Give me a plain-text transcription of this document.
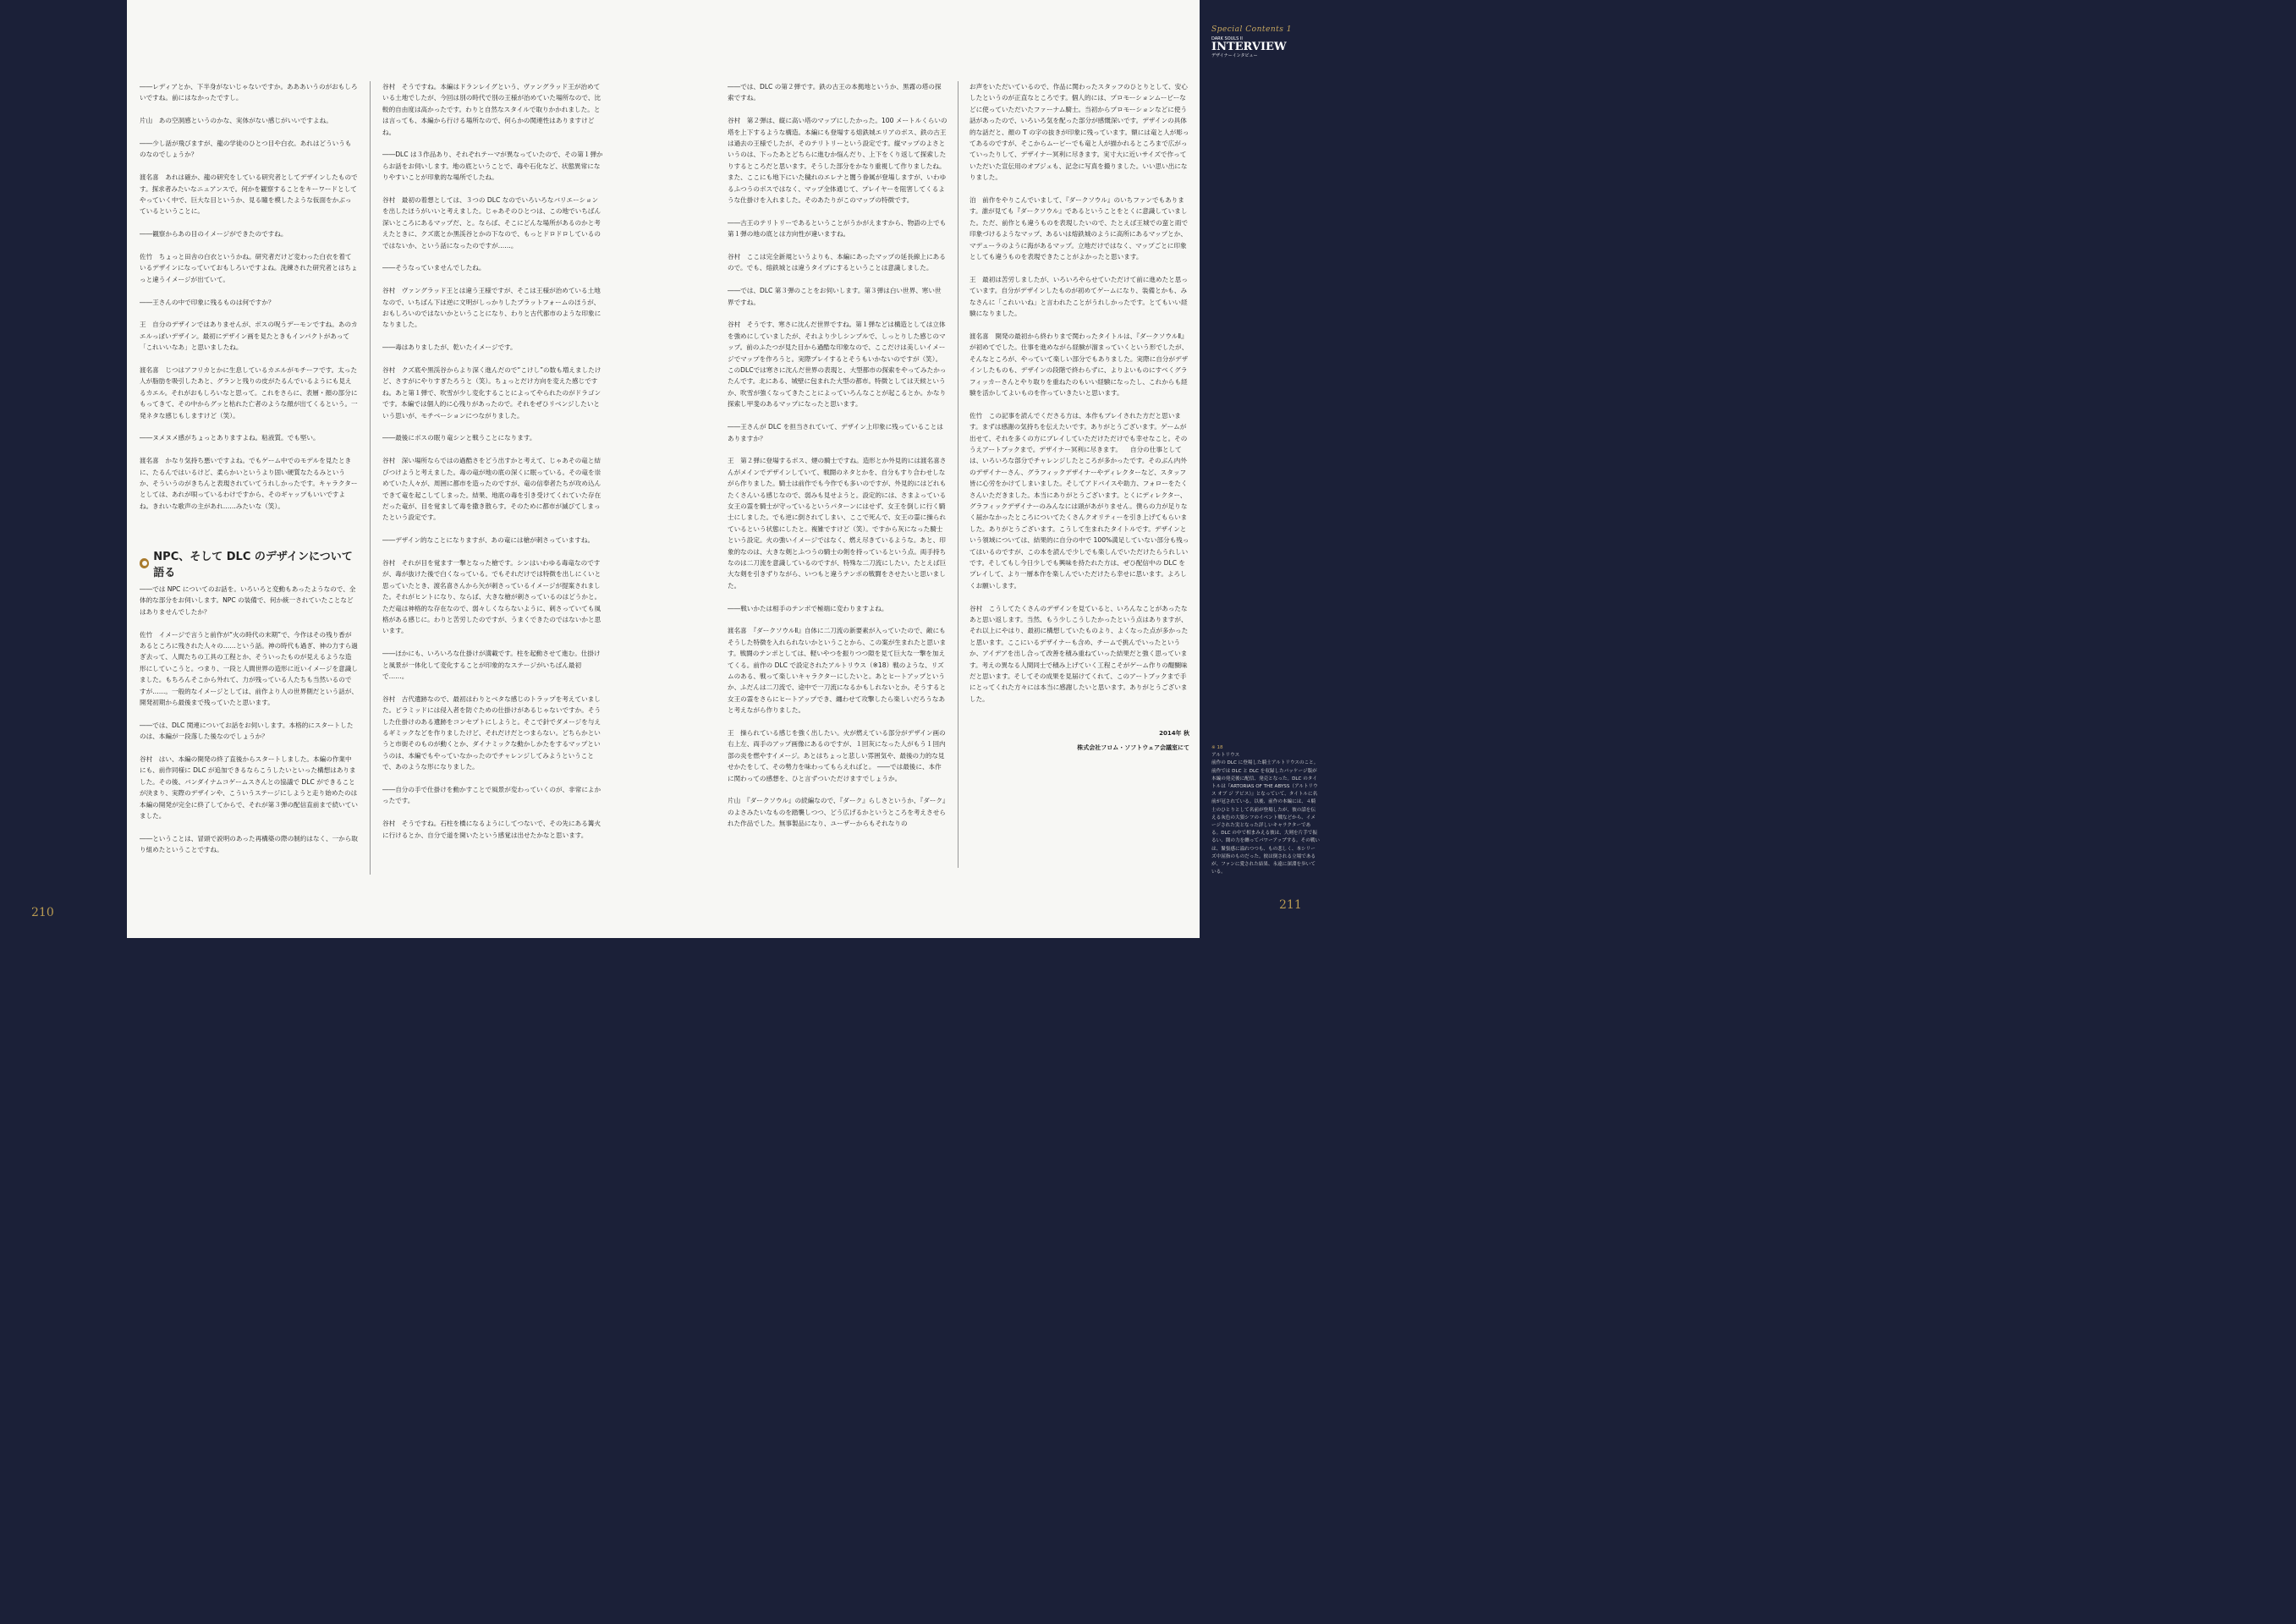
Special Contents 1
DARK SOULS II
INTERVIEW
デザイナーインタビュー

――レディアとか、下半身がないじゃないですか。あああいうのがおもしろいですね。前にはなかったですし。

片山　あの空洞感というのかな、実体がない感じがいいですよね。

――少し話が飛びますが、龍の学徒のひとつ目や白衣。あれはどういうものなのでしょうか？

渡名喜　あれは確か、龍の研究をしている研究者としてデザインしたものです。探求者みたいなニュアンスで。何かを観察することをキーワードとしてやっていく中で、巨大な目というか、見る瞳を模したような仮面をかぶっているということに。

――観察からあの目のイメージができたのですね。

佐竹　ちょっと田舎の白衣というかね。研究者だけど変わった白衣を着ているデザインになっていておもしろいですよね。洗練された研究者とはちょっと違うイメージが出ていて。

――王さんの中で印象に残るものは何ですか？

王　自分のデザインではありませんが、ボスの呪うデーモンですね。あのカエルっぽいデザイン。最初にデザイン画を見たときもインパクトがあって「これいいなあ」と思いましたね。

渡名喜　じつはアフリカとかに生息しているカエルがモチーフです。太った人が脂肪を吸引したあと、グランと残りの皮がたるんでいるようにも見えるカエル。それがおもしろいなと思って。これをさらに、表層・顔の部分にもってきて、その中からグッと枯れた亡者のような顔が出てくるという。一発ネタな感じもしますけど（笑）。

――ヌメヌメ感がちょっとありますよね。粘液質。でも堅い。

渡名喜　かなり気持ち悪いですよね。でもゲーム中でのモデルを見たときに、たるんではいるけど、柔らかいというより固い硬質なたるみというか、そういうのがきちんと表現されていてうれしかったです。キャラクターとしては、あれが唄っているわけですから、そのギャップもいいですよね。きれいな歌声の主があれ……みたいな（笑）。

NPC、そして DLC のデザインについて語る

――では NPC についてのお話を。いろいろと変動もあったようなので、全体的な部分をお伺いします。NPC の装備で、何か統一されていたことなどはありませんでしたか？

佐竹　イメージで言うと前作が“火の時代の末期”で、今作はその残り香があるところに残された人々の……という話。神の時代も過ぎ、神の力すら過ぎ去って、人間たちの工具の工程とか、そういったものが見えるような造形にしていこうと。つまり、一段と人間世界の造形に近いイメージを意識しました。もちろんそこから外れて、力が残っている人たちも当然いるのですが……。一般的なイメージとしては、前作より人の世界側だという話が、開発初期から最後まで残っていたと思います。

――では、DLC 関連についてお話をお伺いします。本格的にスタートしたのは、本編が一段落した後なのでしょうか？

谷村　はい、本編の開発の終了直後からスタートしました。本編の作業中にも、前作同様に DLC が追加できるならこうしたいといった構想はありました。その後、バンダイナムコゲームスさんとの協議で DLC ができることが決まり、実際のデザインや、こういうステージにしようと走り始めたのは本編の開発が完全に終了してからで、それが第３弾の配信直前まで続いていました。

――ということは、冒頭で説明のあった再構築の際の制約はなく、一から取り組めたということですね。

谷村　そうですね。本編はドランレイグという、ヴァングラッド王が治めている土地でしたが、今回は別の時代で別の王様が治めていた場所なので、比較的自由度は高かったです。わりと自然なスタイルで取りかかれました。とは言っても、本編から行ける場所なので、何らかの関連性はありますけどね。

――DLC は３作品あり、それぞれテーマが異なっていたので、その第１弾からお話をお伺いします。地の底ということで、毒や石化など、状態異常になりやすいことが印象的な場所でしたね。

谷村　最初の着想としては、３つの DLC なのでいろいろなバリエーションを出したほうがいいと考えました。じゃあそのひとつは、この地でいちばん深いところにあるマップだ、と。ならば、そこにどんな場所があるのかと考えたときに、クズ底とか黒渓谷とかの下なので、もっとドロドロしているのではないか、という話になったのですが……。

――そうなっていませんでしたね。

谷村　ヴァングラッド王とは違う王様ですが、そこは王様が治めている土地なので、いちばん下は逆に文明がしっかりしたプラットフォームのほうが、おもしろいのではないかということになり、わりと古代都市のような印象になりました。

――毒はありましたが、乾いたイメージです。

谷村　クズ底や黒渓谷からより深く進んだので“こけし”の数も増えましたけど、さすがにやりすぎたろうと（笑）。ちょっとだけ方向を変えた感じですね。あと第１弾で、吹雪が少し変化することによってやられたのがドラゴンです。本編では個人的に心残りがあったので。それをぜひリベンジしたいという思いが、モチベーションにつながりました。

――最後にボスの眠り竜シンと戦うことになります。

谷村　深い場所ならではの過酷さをどう出すかと考えて、じゃあその竜と結びつけようと考えました。毒の竜が地の底の深くに眠っている。その竜を崇めていた人々が、周囲に都市を造ったのですが、竜の信奉者たちが攻め込んできて竜を起こしてしまった。結果、地底の毒を引き受けてくれていた存在だった竜が、目を覚まして毒を撒き散らす。そのために都市が滅びてしまったという設定です。

――デザイン的なことになりますが、あの竜には槍が刺さっていますね。

谷村　それが目を覚ます一撃となった槍です。シンはいわゆる毒竜なのですが、毒が抜けた後で白くなっている。でもそれだけでは特徴を出しにくいと思っていたとき、渡名喜さんから矢が刺さっているイメージが提案されました。それがヒントになり、ならば、大きな槍が刺さっているのはどうかと。ただ竜は神格的な存在なので、弱々しくならないように、刺さっていても風格がある感じに。わりと苦労したのですが、うまくできたのではないかと思います。

――ほかにも、いろいろな仕掛けが満載です。柱を起動させて進む。仕掛けと風景が一体化して変化することが印象的なステージがいちばん最初で……。

谷村　古代遺跡なので、最初はわりとベタな感じのトラップを考えていました。ピラミッドには侵入者を防ぐための仕掛けがあるじゃないですか。そうした仕掛けのある遺跡をコンセプトにしようと。そこで針でダメージを与えるギミックなどを作りましたけど、それだけだとつまらない。どちらかというと市街そのものが動くとか、ダイナミックな動かしかたをするマップというのは、本編でもやっていなかったのでチャレンジしてみようということで、あのような形になりました。

――自分の手で仕掛けを動かすことで風景が変わっていくのが、非常によかったです。

谷村　そうですね。石柱を橋になるようにしてつないで、その先にある篝火に行けるとか、自分で道を開いたという感覚は出せたかなと思います。

――では、DLC の第２弾です。鉄の古王の本拠地というか、黒霧の塔の探索ですね。

谷村　第２弾は、縦に高い塔のマップにしたかった。100 メートルくらいの塔を上下するような構造。本編にも登場する熔鉄城エリアのボス、鉄の古王は過去の王様でしたが、そのテリトリーという設定です。縦マップのよさというのは、下ったあとどちらに進むか悩んだり、上下をくり返して探索したりするところだと思います。そうした部分をかなり重視して作りましたね。また、ここにも地下にいた穢れのエレナと闇う眷属が登場しますが、いわゆるふつうのボスではなく、マップ全体通じて、プレイヤーを阻害してくるような仕掛けを入れました。そのあたりがこのマップの特徴です。

――古王のテリトリーであるということがうかがえますから、物語の上でも第１弾の地の底とは方向性が違いますね。

谷村　ここは完全新規というよりも、本編にあったマップの延長線上にあるので。でも、熔鉄城とは違うタイプにするということは意識しました。

――では、DLC 第３弾のことをお伺いします。第３弾は白い世界、寒い世界ですね。

谷村　そうです、寒さに沈んだ世界ですね。第１弾などは構造としては立体を強めにしていましたが、それより少しシンプルで、しっとりした感じのマップ。前のふたつが見た目から過酷な印象なので、ここだけは美しいイメージでマップを作ろうと。実際プレイするとそうもいかないのですが（笑）。このDLCでは寒さに沈んだ世界の表現と、大型都市の探索をやってみたかったんです。北にある、城壁に包まれた大型の都市。特徴としては天候というか、吹雪が強くなってきたことによっていろんなことが起こるとか。かなり探索し甲斐のあるマップになったと思います。

――王さんが DLC を担当されていて、デザイン上印象に残っていることはありますか？

王　第２弾に登場するボス、煙の騎士ですね。造形とか外見的には渡名喜さんがメインでデザインしていて、戦闘のネタとかを、自分もすり合わせしながら作りました。騎士は前作でも今作でも多いのですが、外見的にはどれもたくさんいる感じなので、弱みも見せようと。設定的には、さまよっている女王の霊を騎士が守っているというパターンにはせず、女王を倒しに行く騎士にしました。でも逆に倒されてしまい、ここで死んで、女王の霊に操られているという状態にしたと。複雑ですけど（笑）。ですから灰になった騎士という設定。火の強いイメージではなく、燃え尽きているような。あと、印象的なのは、大きな剣とふつうの騎士の剣を持っているという点。両手持ちなのは二刀流を意識しているのですが、特殊な二刀流にしたい。たとえば巨大な剣を引きずりながら、いつもと違うテンポの戦闘をさせたいと思いました。

――戦いかたは相手のテンポで極端に変わりますよね。

渡名喜　『ダークソウルⅡ』自体に二刀流の新要素が入っていたので、敵にもそうした特徴を入れられないかということから、この案が生まれたと思います。戦闘のテンポとしては、軽いやつを振りつつ隙を見て巨大な一撃を加えてくる。前作の DLC で設定されたアルトリウス（※18）戦のような、リズムのある、戦って楽しいキャラクターにしたいと。あとヒートアップというか、ふだんは二刀流で、途中で一刀流になるかもしれないとか。そうすると女王の霊をさらにヒートアップでき、纏わせて攻撃したら楽しいだろうなあと考えながら作りました。

王　操られている感じを強く出したい。火が燃えている部分がデザイン画の右上左、両手のアップ画像にあるのですが、１回灰になった人がもう１回内部の炎を燃やすイメージ。あとはちょっと悲しい雰囲気や、最後の力的な見せかたをして、その勢力を味わってもらえればと。 ――では最後に、本作に関わっての感想を、ひと言ずついただけますでしょうか。

片山　『ダークソウル』の続編なので、『ダーク』らしさというか、『ダーク』のよさみたいなものを踏襲しつつ、どう広げるかというところを考えさせられた作品でした。無事製品になり、ユーザーからもそれなりの

お声をいただいているので、作品に関わったスタッフのひとりとして、安心したというのが正直なところです。個人的には、プロモーションムービーなどに使っていただいたファーナム騎士。当初からプロモーションなどに使う話があったので、いろいろ気を配った部分が感慨深いです。デザインの具体的な話だと、顔の T の字の抜きが印象に残っています。額には竜と人が彫ってあるのですが、そこからムービーでも竜と人が描かれるところまで広がっていったりして、デザイナー冥利に尽きます。実寸大に近いサイズで作っていただいた宣伝用のオブジェも、記念に写真を撮りました。いい思い出になりました。

泊　前作をやりこんでいまして、『ダークソウル』のいちファンでもあります。誰が見ても『ダークソウル』であるということをとくに意識していました。ただ、前作とも違うものを表現したいので、たとえば王城での蛮と雨で印象づけるようなマップ、あるいは熔鉄城のように高所にあるマップとか、マデューラのように海があるマップ。立地だけではなく、マップごとに印象としても違うものを表現できたことがよかったと思います。

王　最初は苦労しましたが、いろいろやらせていただけて前に進めたと思っています。自分がデザインしたものが初めてゲームになり、装備とかも、みなさんに「これいいね」と言われたことがうれしかったです。とてもいい経験になりました。

渡名喜　開発の最初から終わりまで関わったタイトルは、『ダークソウルⅡ』が初めてでした。仕事を進めながら経験が溜まっていくという形でしたが、そんなところが、やっていて楽しい部分でもありました。実際に自分がデザインしたものも、デザインの段階で終わらずに、よりよいものにすべくグラフィッカーさんとやり取りを重ねたのもいい経験になったし、これからも経験を活かしてよいものを作っていきたいと思います。

佐竹　この記事を読んでくださる方は、本作もプレイされた方だと思います。まずは感謝の気持ちを伝えたいです。ありがとうございます。ゲームが出せて、それを多くの方にプレイしていただけただけでも幸せなこと。そのうえアートブックまで。デザイナー冥利に尽きます。 　自分の仕事としては、いろいろな部分でチャレンジしたところが多かったです。そのぶん内外のデザイナーさん、グラフィックデザイナーやディレクターなど、スタッフ皆に心労をかけてしまいました。そしてアドバイスや助力、フォローをたくさんいただきました。本当にありがとうございます。とくにディレクター、グラフィックデザイナーのみんなには頭があがりません。僕らの力が足りなく届かなかったところについてたくさんクオリティーを引き上げてもらいました。ありがとうございます。こうして生まれたタイトルです。デザインという領域については、結果的に自分の中で 100%満足していない部分も残ってはいるのですが、この本を読んで少しでも楽しんでいただけたらうれしいです。そしてもし今日少しでも興味を持たれた方は、ぜひ配信中の DLC をプレイして、より一層本作を楽しんでいただけたら幸せに思います。よろしくお願いします。

谷村　こうしてたくさんのデザインを見ていると、いろんなことがあったなあと思い返します。当然、もう少しこうしたかったという点はありますが、それ以上にやはり、最初に構想していたものより、よくなった点が多かったと思います。ここにいるデザイナーも含め、チームで挑んでいったというか、アイデアを出し合って改善を積み重ねていった結果だと強く思っています。考えの異なる人間同士で積み上げていく工程こそがゲーム作りの醍醐味だと思います。そしてその成果を見届けてくれて、このアートブックまで手にとってくれた方々には本当に感謝したいと思います。ありがとうございました。

2014年 秋
株式会社フロム・ソフトウェア会議室にて	※ 18
アルトリウス
前作の DLC に登場した騎士アルトリウスのこと。前作では DLC と DLC を収録したパッケージ版が本編の発売後に配信、発売となった。DLC のタイトルは『ARTORIAS OF THE ABYSS（アルトリウス オブ ジ アビス）』となっていて、タイトルに名前が冠されている。以後、前作の本編には、４騎士のひとりとして名前が登場したが、彼の話を伝える灰色の大狼シフのイベント戦などから、イメージされた実となった詳しいキャラクターである。DLC の中で相まみえる彼は、大剣を片手で振るい、闇の力を纏ってパワーアップする。その戦いは、緊張感に溢れつつも、もの悲しく、本シリーズ中屈指のものだった。彼は倒される立場であるが、ファンに愛された結果、永遠に深淵を歩いている。
210
211
